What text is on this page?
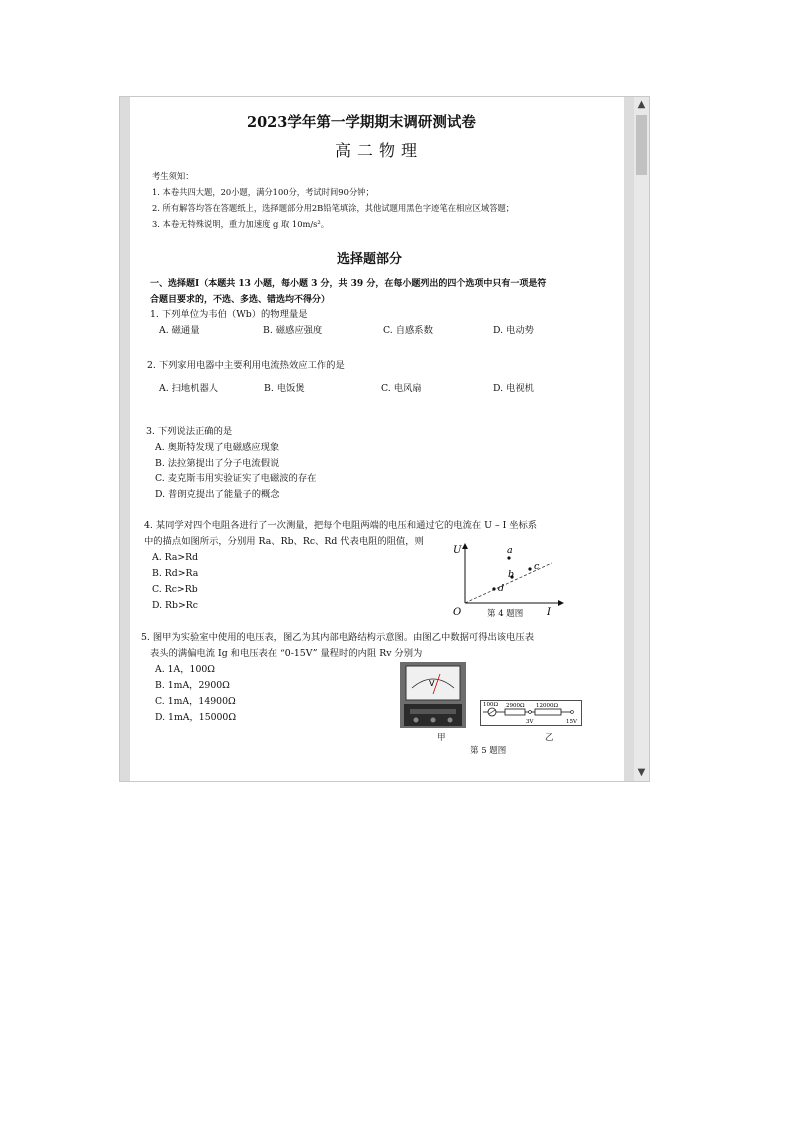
2023学年第一学期期末调研测试卷
高二物理
考生须知：
1. 本卷共四大题，20小题，满分100分，考试时间90分钟；
2. 所有解答均答在答题纸上，选择题部分用2B铅笔填涂，其他试题用黑色字迹笔在相应区域答题；
3. 本卷无特殊说明，重力加速度 g 取 10m/s²。
选择题部分
一、选择题Ⅰ（本题共 13 小题，每小题 3 分，共 39 分，在每小题列出的四个选项中只有一项是符
合题目要求的，不选、多选、错选均不得分）
1. 下列单位为韦伯（Wb）的物理量是
A. 磁通量	B. 磁感应强度	C. 自感系数	D. 电动势
2. 下列家用电器中主要利用电流热效应工作的是
A. 扫地机器人	B. 电饭煲	C. 电风扇	D. 电视机
3. 下列说法正确的是
A. 奥斯特发现了电磁感应现象
B. 法拉第提出了分子电流假说
C. 麦克斯韦用实验证实了电磁波的存在
D. 普朗克提出了能量子的概念
4. 某同学对四个电阻各进行了一次测量，把每个电阻两端的电压和通过它的电流在 U – I 坐标系
中的描点如图所示，分别用 Ra、Rb、Rc、Rd 代表电阻的阻值，则
A. Ra>Rd
B. Rd>Ra
C. Rc>Rb
D. Rb>Rc
U
I
O
a
c
b
d
第 4 题图
5. 图甲为实验室中使用的电压表，图乙为其内部电路结构示意图。由图乙中数据可得出该电压表
表头的满偏电流 Ig 和电压表在 “0-15V” 量程时的内阻 Rv 分别为
A. 1A，100Ω
B. 1mA，2900Ω
C. 1mA，14900Ω
D. 1mA，15000Ω
V
100Ω 2900Ω 12000Ω
3V	15V
甲	乙
第 5 题图
▲
▼
